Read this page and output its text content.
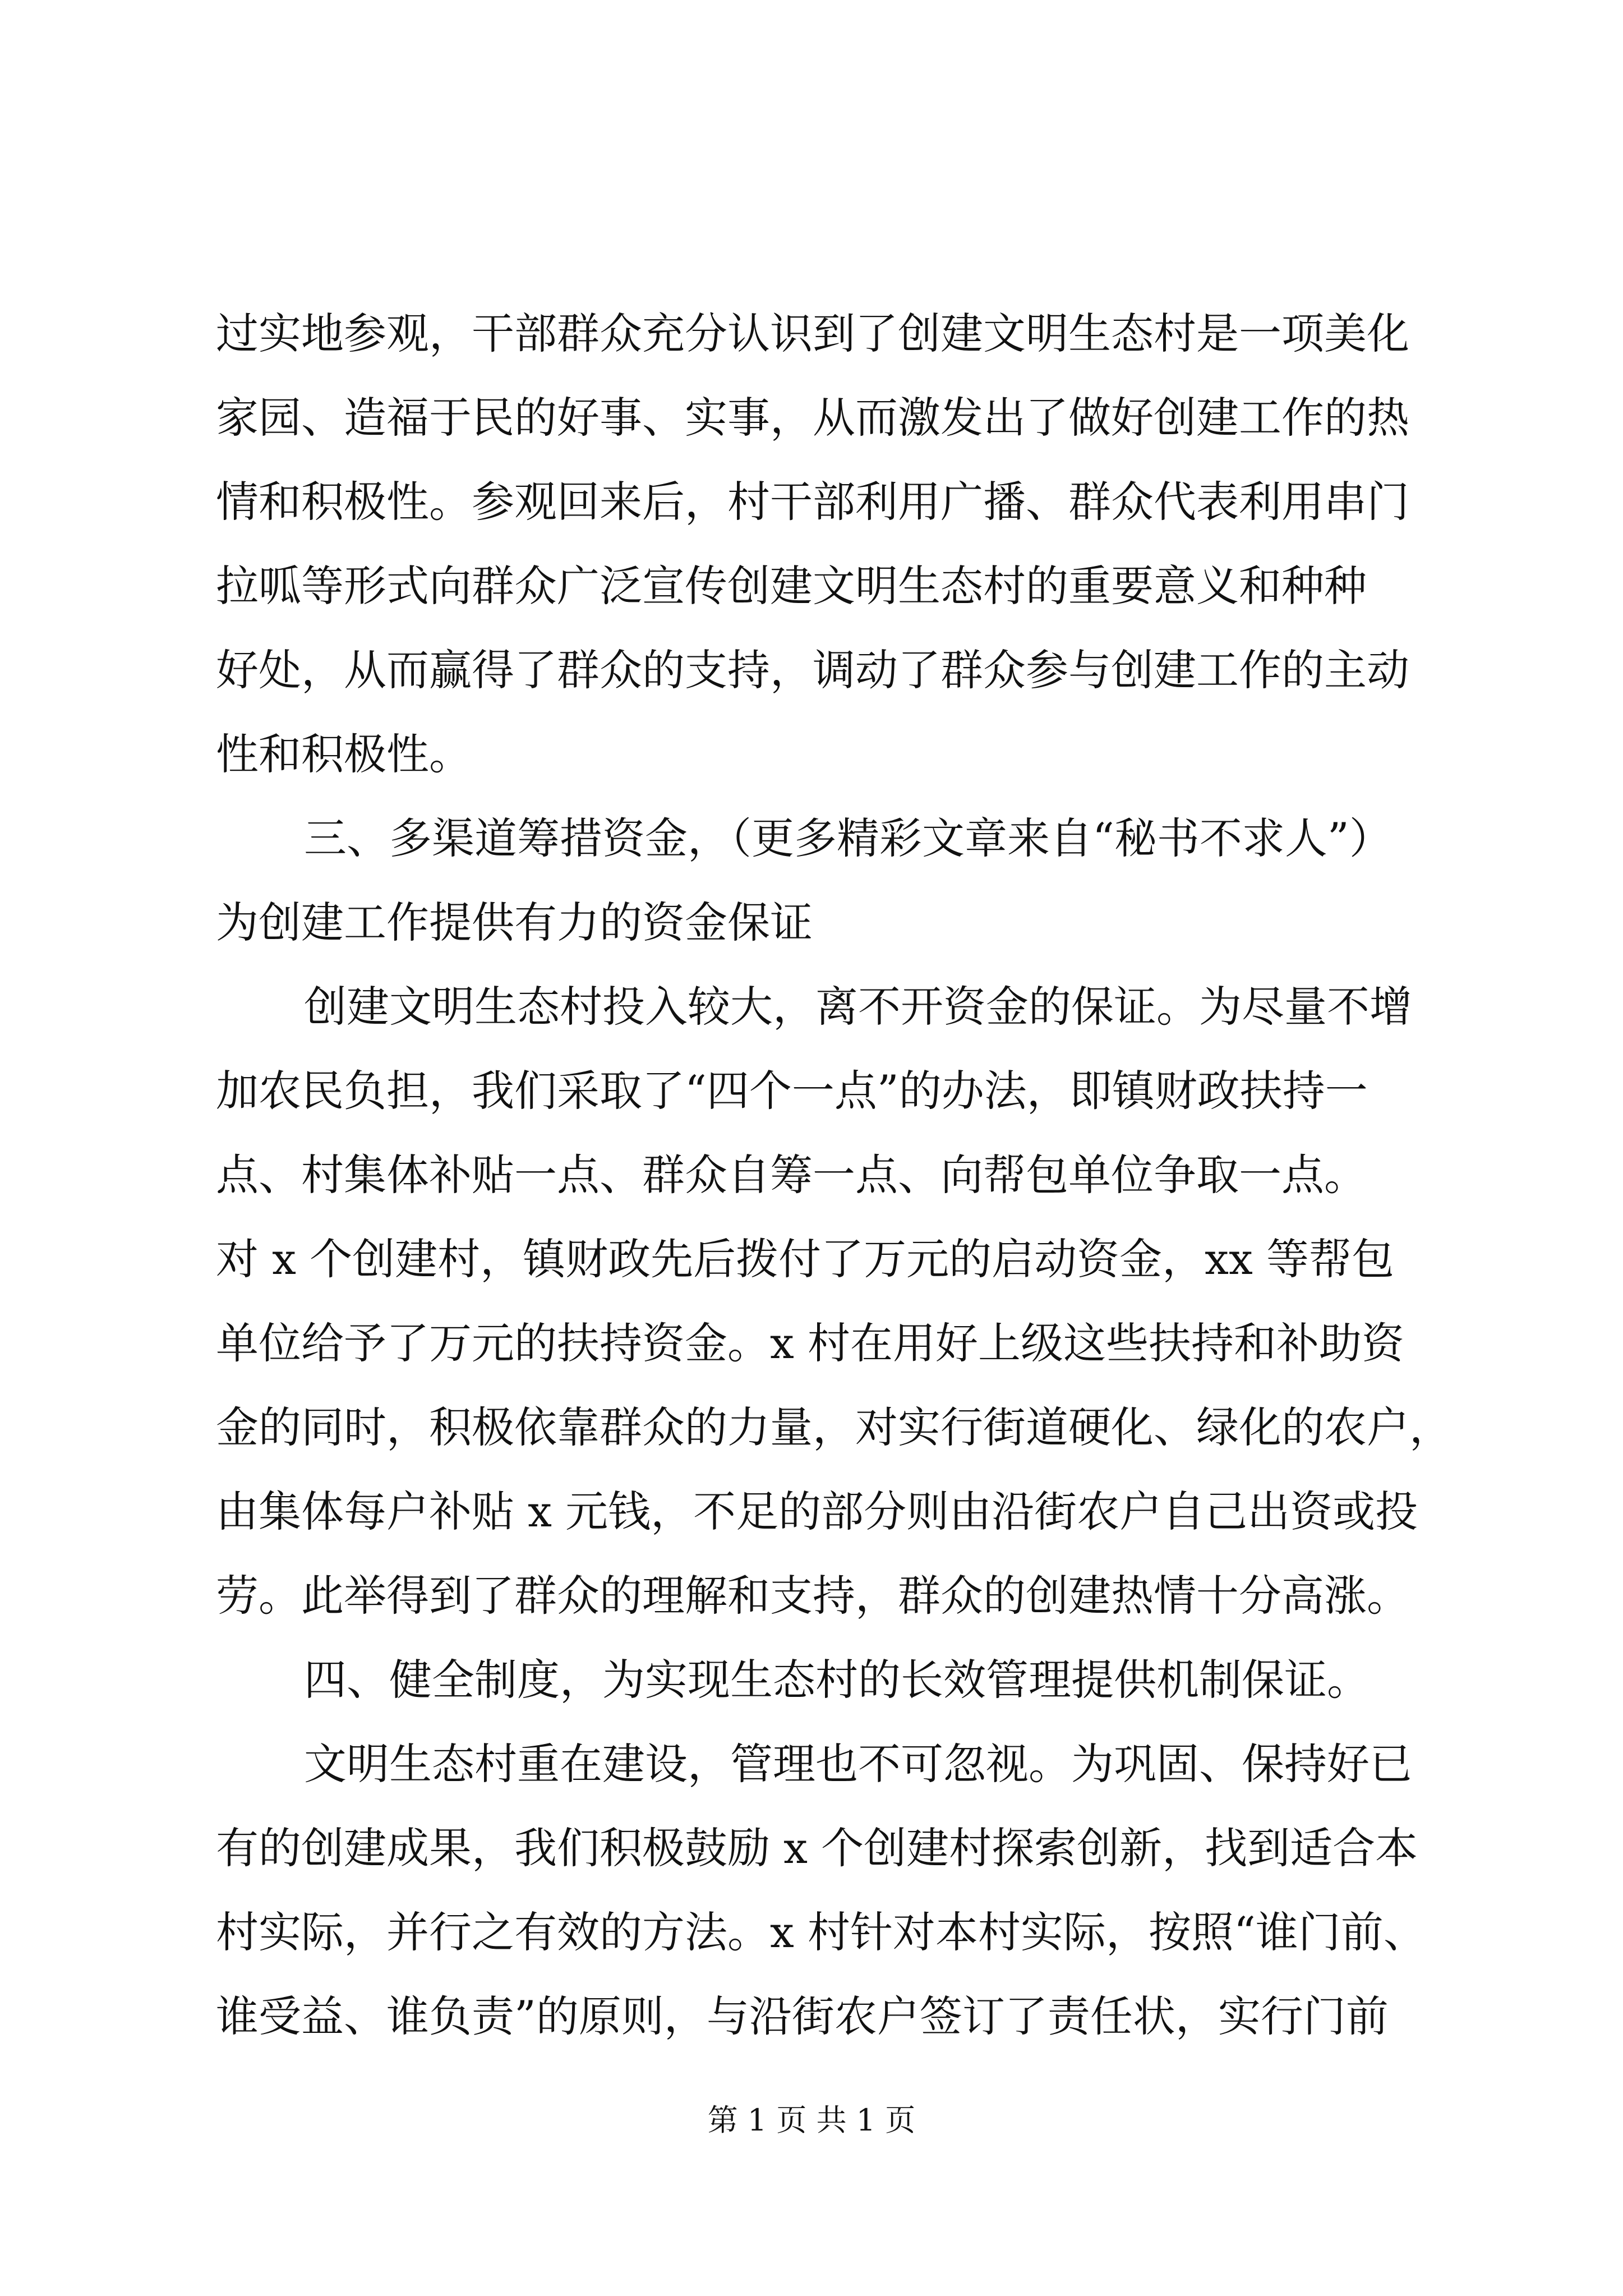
过实地参观，干部群众充分认识到了创建文明生态村是一项美化

家园、造福于民的好事、实事，从而激发出了做好创建工作的热

情和积极性。参观回来后，村干部利用广播、群众代表利用串门

拉呱等形式向群众广泛宣传创建文明生态村的重要意义和种种

好处，从而赢得了群众的支持，调动了群众参与创建工作的主动

性和积极性。

三、多渠道筹措资金，（更多精彩文章来自“秘书不求人”）

为创建工作提供有力的资金保证

创建文明生态村投入较大，离不开资金的保证。为尽量不增

加农民负担，我们采取了“四个一点”的办法，即镇财政扶持一

点、村集体补贴一点、群众自筹一点、向帮包单位争取一点。

对 x 个创建村，镇财政先后拨付了万元的启动资金，xx 等帮包

单位给予了万元的扶持资金。x 村在用好上级这些扶持和补助资

金的同时，积极依靠群众的力量，对实行街道硬化、绿化的农户，

由集体每户补贴 x 元钱，不足的部分则由沿街农户自己出资或投

劳。此举得到了群众的理解和支持，群众的创建热情十分高涨。

四、健全制度，为实现生态村的长效管理提供机制保证。

文明生态村重在建设，管理也不可忽视。为巩固、保持好已

有的创建成果，我们积极鼓励 x 个创建村探索创新，找到适合本

村实际，并行之有效的方法。x 村针对本村实际，按照“谁门前、

谁受益、谁负责”的原则，与沿街农户签订了责任状，实行门前

第 1 页 共 1 页
